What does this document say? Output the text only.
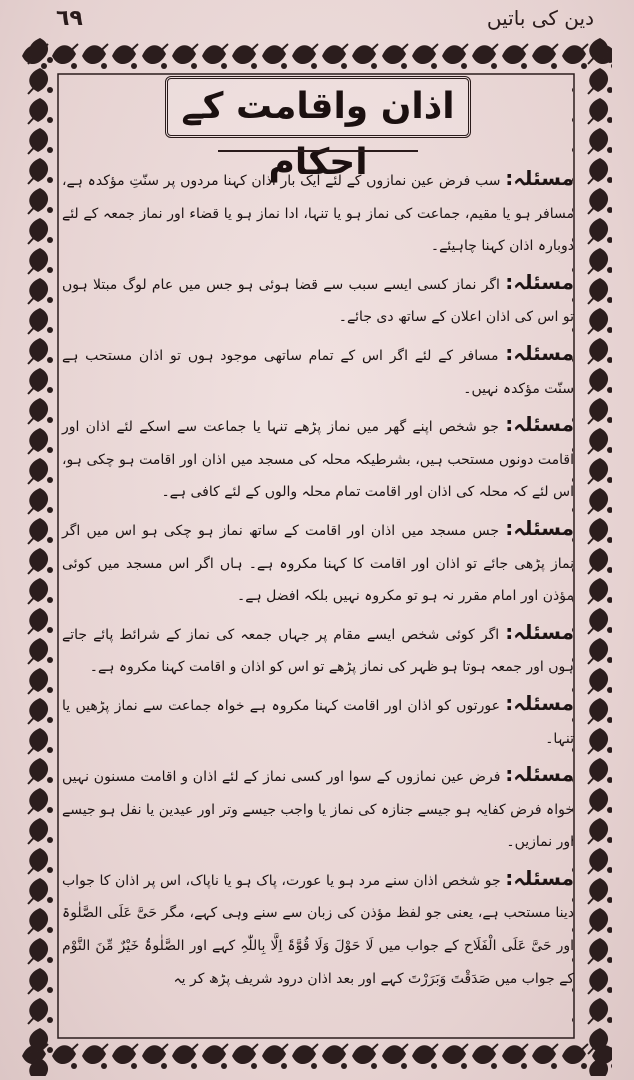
٦٩	دین کی باتیں
اذان واقامت کے احکام	مسئلہ: سب فرض عین نمازوں کے لئے ایک بار اذان کہنا مردوں پر سنّتِ مؤکدہ ہے، مسافر ہو یا مقیم، جماعت کی نماز ہو یا تنہا، ادا نماز ہو یا قضاء اور نماز جمعہ کے لئے دوبارہ اذان کہنا چاہیئے۔

مسئلہ: اگر نماز کسی ایسے سبب سے قضا ہوئی ہو جس میں عام لوگ مبتلا ہوں تو اس کی اذان اعلان کے ساتھ دی جائے۔

مسئلہ: مسافر کے لئے اگر اس کے تمام ساتھی موجود ہوں تو اذان مستحب ہے سنّت مؤکدہ نہیں۔

مسئلہ: جو شخص اپنے گھر میں نماز پڑھے تنہا یا جماعت سے اسکے لئے اذان اور اقامت دونوں مستحب ہیں، بشرطیکہ محلہ کی مسجد میں اذان اور اقامت ہو چکی ہو، اس لئے کہ محلہ کی اذان اور اقامت تمام محلہ والوں کے لئے کافی ہے۔

مسئلہ: جس مسجد میں اذان اور اقامت کے ساتھ نماز ہو چکی ہو اس میں اگر نماز پڑھی جائے تو اذان اور اقامت کا کہنا مکروہ ہے۔ ہاں اگر اس مسجد میں کوئی مؤذن اور امام مقرر نہ ہو تو مکروہ نہیں بلکہ افضل ہے۔

مسئلہ: اگر کوئی شخص ایسے مقام پر جہاں جمعہ کی نماز کے شرائط پائے جاتے ہوں اور جمعہ ہوتا ہو ظہر کی نماز پڑھے تو اس کو اذان و اقامت کہنا مکروہ ہے۔

مسئلہ: عورتوں کو اذان اور اقامت کہنا مکروہ ہے خواہ جماعت سے نماز پڑھیں یا تنہا۔

مسئلہ: فرض عین نمازوں کے سوا اور کسی نماز کے لئے اذان و اقامت مسنون نہیں خواہ فرض کفایہ ہو جیسے جنازہ کی نماز یا واجب جیسے وتر اور عیدین یا نفل ہو جیسے اور نمازیں۔

مسئلہ: جو شخص اذان سنے مرد ہو یا عورت، پاک ہو یا ناپاک، اس پر اذان کا جواب دینا مستحب ہے، یعنی جو لفظ مؤذن کی زبان سے سنے وہی کہے، مگر حَیَّ عَلَی الصَّلٰوۃ اور حَیَّ عَلَی الْفَلَاح کے جواب میں لَا حَوْلَ وَلَا قُوَّۃَ اِلَّا بِاللّٰہِ کہے اور الصَّلٰوۃُ خَیْرٌ مِّنَ النَّوْم کے جواب میں صَدَقْتَ وَبَرَرْتَ کہے اور بعد اذان درود شریف پڑھ کر یہ
